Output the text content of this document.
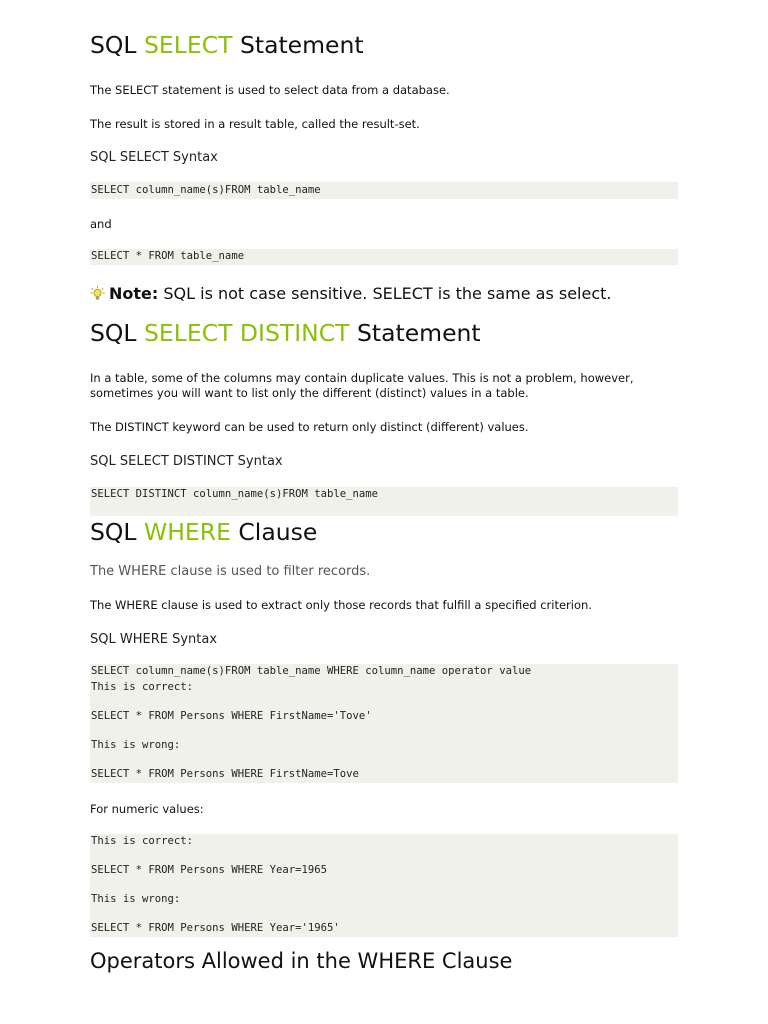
SQL SELECT Statement

The SELECT statement is used to select data from a database.

The result is stored in a result table, called the result-set.

SQL SELECT Syntax
SELECT column_name(s)FROM table_name

and

SELECT * FROM table_name
Note: SQL is not case sensitive. SELECT is the same as select.
SQL SELECT DISTINCT Statement

In a table, some of the columns may contain duplicate values. This is not a problem, however, sometimes you will want to list only the different (distinct) values in a table.

The DISTINCT keyword can be used to return only distinct (different) values.

SQL SELECT DISTINCT Syntax
SELECT DISTINCT column_name(s)FROM table_name
SQL WHERE Clause

The WHERE clause is used to filter records.

The WHERE clause is used to extract only those records that fulfill a specified criterion.

SQL WHERE Syntax
SELECT column_name(s)FROM table_name WHERE column_name operator value
This is correct:
SELECT * FROM Persons WHERE FirstName='Tove'
This is wrong:
SELECT * FROM Persons WHERE FirstName=Tove

For numeric values:

This is correct:
SELECT * FROM Persons WHERE Year=1965
This is wrong:
SELECT * FROM Persons WHERE Year='1965'
Operators Allowed in the WHERE Clause
